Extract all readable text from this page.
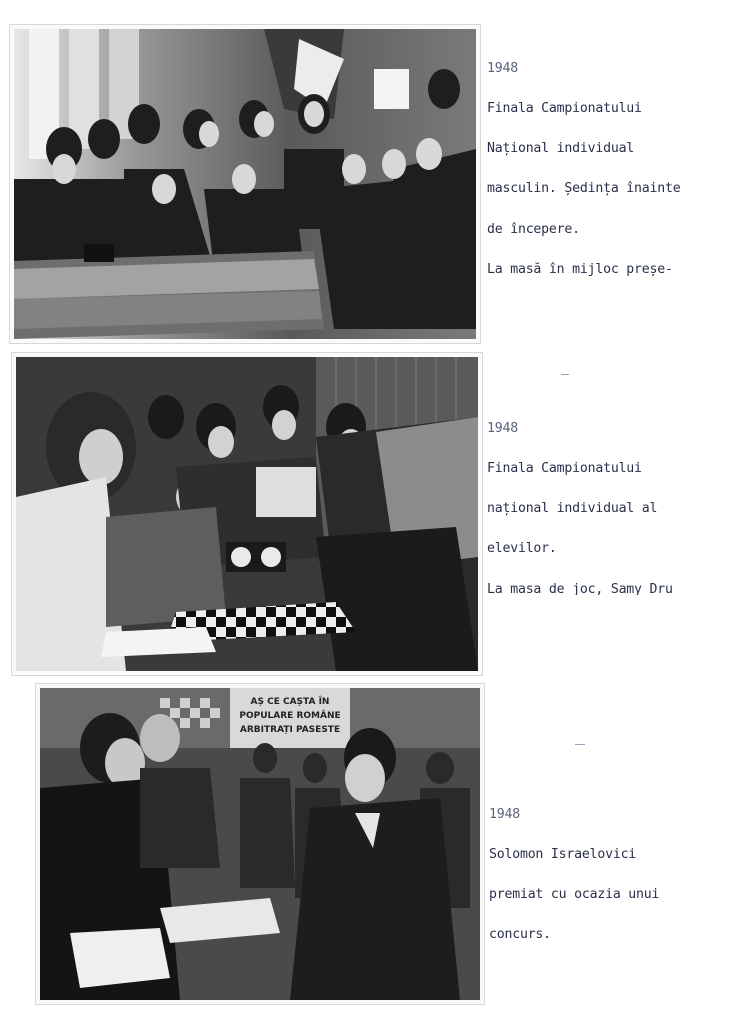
1948

Finala Campionatului

Național individual

masculin. Ședința înainte

de începere.

La masă în mijloc preșe-

1948

Finala Campionatului

național individual al

elevilor.

La masa de joc, Samy Dru

AȘ CE CAȘTA ÎN
POPULARE ROMÂNE
ARBITRAȚI PASESTE

1948

Solomon Israelovici

premiat cu ocazia unui

concurs.
